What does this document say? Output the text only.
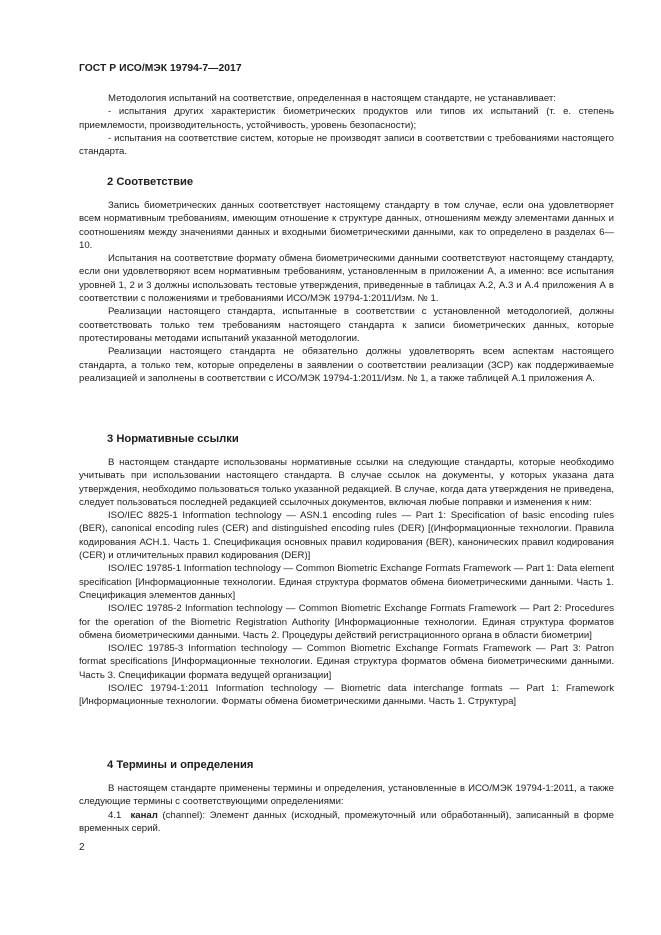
ГОСТ Р ИСО/МЭК 19794-7—2017

Методология испытаний на соответствие, определенная в настоящем стандарте, не устанавливает:

- испытания других характеристик биометрических продуктов или типов их испытаний (т. е. степень приемлемости, производительность, устойчивость, уровень безопасности);

- испытания на соответствие систем, которые не производят записи в соответствии с требованиями настоящего стандарта.

2 Соответствие

Запись биометрических данных соответствует настоящему стандарту в том случае, если она удовлетворяет всем нормативным требованиям, имеющим отношение к структуре данных, отношениям между элементами данных и соотношениям между значениями данных и входными биометрическими данными, как то определено в разделах 6—10.

Испытания на соответствие формату обмена биометрическими данными соответствуют настоящему стандарту, если они удовлетворяют всем нормативным требованиям, установленным в приложении А, а именно: все испытания уровней 1, 2 и 3 должны использовать тестовые утверждения, приведенные в таблицах А.2, А.3 и А.4 приложения А в соответствии с положениями и требованиями ИСО/МЭК 19794-1:2011/Изм. № 1.

Реализации настоящего стандарта, испытанные в соответствии с установленной методологией, должны соответствовать только тем требованиям настоящего стандарта к записи биометрических данных, которые протестированы методами испытаний указанной методологии.

Реализации настоящего стандарта не обязательно должны удовлетворять всем аспектам настоящего стандарта, а только тем, которые определены в заявлении о соответствии реализации (ЗСР) как поддерживаемые реализацией и заполнены в соответствии с ИСО/МЭК 19794-1:2011/Изм. № 1, а также таблицей А.1 приложения А.

3 Нормативные ссылки

В настоящем стандарте использованы нормативные ссылки на следующие стандарты, которые необходимо учитывать при использовании настоящего стандарта. В случае ссылок на документы, у которых указана дата утверждения, необходимо пользоваться только указанной редакцией. В случае, когда дата утверждения не приведена, следует пользоваться последней редакцией ссылочных документов, включая любые поправки и изменения к ним:

ISO/IEC 8825-1 Information technology — ASN.1 encoding rules — Part 1: Specification of basic encoding rules (BER), canonical encoding rules (CER) and distinguished encoding rules (DER) [(Информационные технологии. Правила кодирования АСН.1. Часть 1. Спецификация основных правил кодирования (BER), канонических правил кодирования (CER) и отличительных правил кодирования (DER)]

ISO/IEC 19785-1 Information technology — Common Biometric Exchange Formats Framework — Part 1: Data element specification [Информационные технологии. Единая структура форматов обмена биометрическими данными. Часть 1. Спецификация элементов данных]

ISO/IEC 19785-2 Information technology — Common Biometric Exchange Formats Framework — Part 2: Procedures for the operation of the Biometric Registration Authority [Информационные технологии. Единая структура форматов обмена биометрическими данными. Часть 2. Процедуры действий регистрационного органа в области биометрии]

ISO/IEC 19785-3 Information technology — Common Biometric Exchange Formats Framework — Part 3: Patron format specifications [Информационные технологии. Единая структура форматов обмена биометрическими данными. Часть 3. Спецификации формата ведущей организации]

ISO/IEC 19794-1:2011 Information technology — Biometric data interchange formats — Part 1: Framework [Информационные технологии. Форматы обмена биометрическими данными. Часть 1. Структура]

4 Термины и определения

В настоящем стандарте применены термины и определения, установленные в ИСО/МЭК 19794-1:2011, а также следующие термины с соответствующими определениями:

4.1 канал (channel): Элемент данных (исходный, промежуточный или обработанный), записанный в форме временных серий.

2
